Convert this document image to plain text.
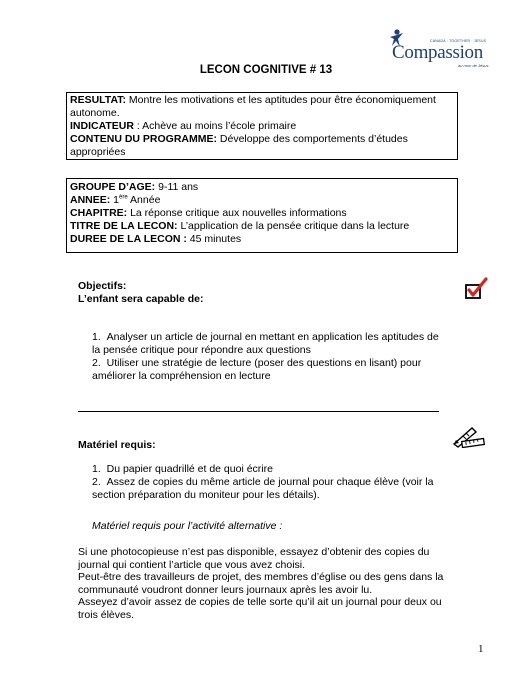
CANADA · TOGETHER · JESUS
Compassion
au nom de Jésus
LECON COGNITIVE # 13

RESULTAT: Montre les motivations et les aptitudes pour être économiquement autonome.

INDICATEUR : Achève au moins l’école primaire

CONTENU DU PROGRAMME: Développe des comportements d’études appropriées

GROUPE D’AGE: 9-11 ans

ANNEE: 1ère Année

CHAPITRE: La réponse critique aux nouvelles informations

TITRE DE LA LECON: L’application de la pensée critique dans la lecture

DUREE DE LA LECON : 45 minutes

Objectifs:

L’enfant sera capable de:

1. Analyser un article de journal en mettant en application les aptitudes de la pensée critique pour répondre aux questions
2. Utiliser une stratégie de lecture (poser des questions en lisant) pour améliorer la compréhension en lecture

Matériel requis:

1. Du papier quadrillé et de quoi écrire
2. Assez de copies du même article de journal pour chaque élève (voir la section préparation du moniteur pour les détails).
Matériel requis pour l’activité alternative :

Si une photocopieuse n’est pas disponible, essayez d’obtenir des copies du journal qui contient l’article que vous avez choisi.

Peut-être des travailleurs de projet, des membres d’église ou des gens dans la communauté voudront donner leurs journaux après les avoir lu.

Asseyez d’avoir assez de copies de telle sorte qu’il ait un journal pour deux ou trois élèves.

1
